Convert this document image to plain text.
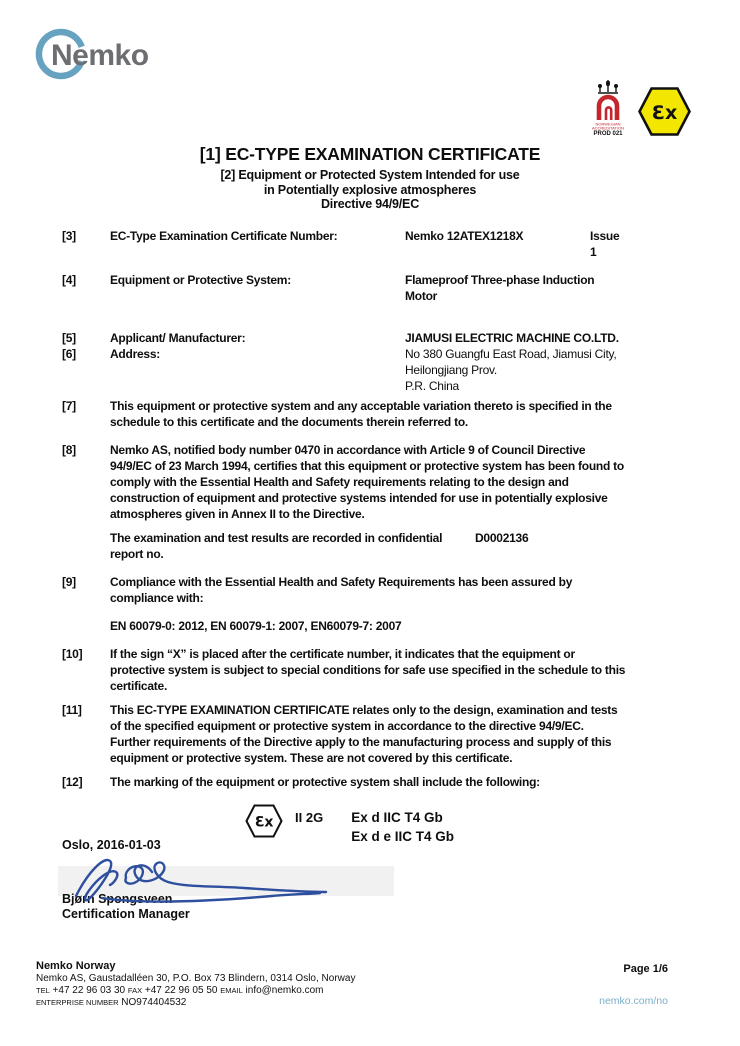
Nemko
NORWEGIAN
ACCREDITATION
PROD 021
Ɛx
[1] EC-TYPE EXAMINATION CERTIFICATE
[2] Equipment or Protected System Intended for use
in Potentially explosive atmospheres
Directive 94/9/EC
[3]	EC-Type Examination Certificate Number:	Nemko 12ATEX1218X	Issue 1
[4]	Equipment or Protective System:	Flameproof Three-phase Induction Motor
[5]	Applicant/ Manufacturer:	JIAMUSI ELECTRIC MACHINE CO.LTD.
[6]	Address:	No 380 Guangfu East Road, Jiamusi City,
Heilongjiang Prov.
P.R. China
[7]	This equipment or protective system and any acceptable variation thereto is specified in the schedule to this certificate and the documents therein referred to.

[8]	Nemko AS, notified body number 0470 in accordance with Article 9 of Council Directive 94/9/EC of 23 March 1994, certifies that this equipment or protective system has been found to comply with the Essential Health and Safety requirements relating to the design and construction of equipment and protective systems intended for use in potentially explosive atmospheres given in Annex II to the Directive.

The examination and test results are recorded in confidential
report no.
D0002136
[9]	Compliance with the Essential Health and Safety Requirements has been assured by compliance with:

EN 60079-0: 2012, EN 60079-1: 2007, EN60079-7: 2007

[10]	If the sign “X” is placed after the certificate number, it indicates that the equipment or protective system is subject to special conditions for safe use specified in the schedule to this certificate.

[11]	This EC-TYPE EXAMINATION CERTIFICATE relates only to the design, examination and tests of the specified equipment or protective system in accordance to the directive 94/9/EC.

Further requirements of the Directive apply to the manufacturing process and supply of this equipment or protective system. These are not covered by this certificate.

[12]	The marking of the equipment or protective system shall include the following:

Ɛx II 2G Ex d IIC T4 Gb
Ex d e IIC T4 Gb
Oslo, 2016-01-03
Bjørn Spongsveen
Certification Manager
Nemko Norway
Nemko AS, Gaustadalléen 30, P.O. Box 73 Blindern, 0314 Oslo, Norway
TEL +47 22 96 03 30 FAX +47 22 96 05 50 EMAIL info@nemko.com
ENTERPRISE NUMBER NO974404532
Page 1/6
nemko.com/no
